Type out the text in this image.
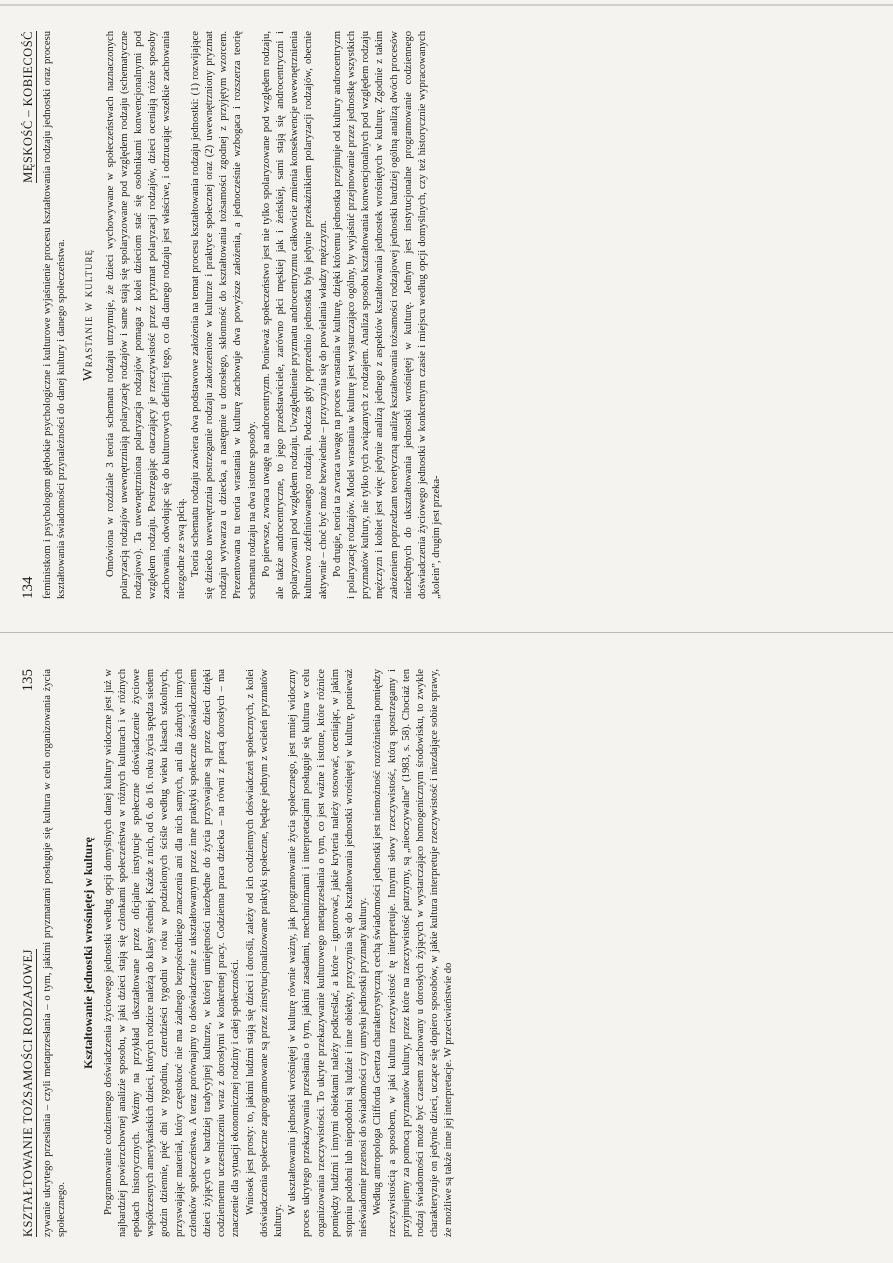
134
MĘSKOŚĆ – KOBIECOŚĆ feministkom i psychologom głębokie psychologiczne i kulturowe wyjaśnienie procesu kształtowania rodzaju jednostki oraz procesu kształtowania świadomości przynależności do danej kultury i danego społeczeństwa. Wrastanie w kulturę Omówiona w rozdziale 3 teoria schematu rodzaju utrzymuje, że dzieci wychowywane w społeczeństwach naznaczonych polaryzacją rodzajów uwewnętrzniają polaryzację rodzajów i same stają się spolaryzowane pod względem rodzaju (schematyczne rodzajowo). Ta uwewnętrzniona polaryzacja rodzajów pomaga z kolei dzieciom stać się osobnikami konwencjonalnymi pod względem rodzaju. Postrzegając otaczający je rzeczywistość przez pryzmat polaryzacji rodzajów, dzieci oceniają różne sposoby zachowania, odwołując się do kulturowych definicji tego, co dla danego rodzaju jest właściwe, i odrzucając wszelkie zachowania niezgodne ze swą płcią. Teoria schematu rodzaju zawiera dwa podstawowe założenia na temat procesu kształtowania rodzaju jednostki: (1) rozwijające się dziecko uwewnętrznia postrzeganie rodzaju zakorzenione w kulturze i praktyce społecznej oraz (2) uwewnętrzniony pryzmat rodzaju wytwarza u dziecka, a następnie u dorosłego, skłonność do kształtowania tożsamości zgodnej z przyjętym wzorcem. Prezentowana tu teoria wrastania w kulturę zachowuje dwa powyższe założenia, a jednocześnie wzbogaca i rozszerza teorię schematu rodzaju na dwa istotne sposoby. Po pierwsze, zwraca uwagę na androcentryzm. Ponieważ społeczeństwo jest nie tylko spolaryzowane pod względem rodzaju, ale także androcentryczne, to jego przedstawiciele, zarówno płci męskiej jak i żeńskiej, sami stają się androcentryczni i spolaryzowani pod względem rodzaju. Uwzględnienie pryzmatu androcentryzmu całkowicie zmienia konsekwencje uwewnętrznienia kulturowo zdefiniowanego rodzaju. Podczas gdy poprzednio jednostka była jedynie przekaźnikiem polaryzacji rodzajów, obecnie aktywnie – choć być może bezwiednie – przyczynia się do powielania władzy mężczyzn. Po drugie, teoria ta zwraca uwagę na proces wrastania w kulturę, dzięki któremu jednostka przejmuje od kultury androcentryzm i polaryzację rodzajów. Model wrastania w kulturę jest wystarczająco ogólny, by wyjaśnić przejmowanie przez jednostkę wszystkich pryzmatów kultury, nie tylko tych związanych z rodzajem. Analiza sposobu kształtowania konwencjonalnych pod względem rodzaju mężczyzn i kobiet jest więc jedynie analizą jednego z aspektów kształtowania jednostek wrośniętych w kulturę. Zgodnie z takim założeniem poprzedzam teoretyczną analizę kształtowania tożsamości rodzajowej jednostki bardziej ogólną analizą dwóch procesów niezbędnych do ukształtowania jednostki wrośniętej w kulturę. Jednym jest instytucjonalne programowanie codziennego doświadczenia życiowego jednostki w konkretnym czasie i miejscu według opcji domyślnych, czy też historycznie wypracowanych „kolein”, drugim jest przeka-

KSZTAŁTOWANIE TOŻSAMOŚCI RODZAJOWEJ
135 zywanie ukrytego przesłania – czyli metaprzesłania – o tym, jakimi pryzmatami posługuje się kultura w celu organizowania życia społecznego.

Kształtowanie jednostki wrośniętej w kulturę Programowanie codziennego doświadczenia życiowego jednostki według opcji domyślnych danej kultury widoczne jest już w najbardziej powierzchownej analizie sposobu, w jaki dzieci stają się członkami społeczeństwa w różnych kulturach i w różnych epokach historycznych. Weźmy na przykład ukształtowane przez oficjalne instytucje społeczne doświadczenie życiowe współczesnych amerykańskich dzieci, których rodzice należą do klasy średniej. Każde z nich, od 6. do 16. roku życia spędza siedem godzin dziennie, pięć dni w tygodniu, czterdzieści tygodni w roku w podzielonych ściśle według wieku klasach szkolnych, przyswajając materiał, który częstokroć nie ma żadnego bezpośredniego znaczenia ani dla nich samych, ani dla żadnych innych członków społeczeństwa. A teraz porównajmy to doświadczenie z ukształtowanym przez inne praktyki społeczne doświadczeniem dzieci żyjących w bardziej tradycyjnej kulturze, w której umiejętności niezbędne do życia przyswajane są przez dzieci dzięki codziennemu uczestniczeniu wraz z dorosłymi w konkretnej pracy. Codzienna praca dziecka – na równi z pracą dorosłych – ma znaczenie dla sytuacji ekonomicznej rodziny i całej społeczności. Wniosek jest prosty: to, jakimi ludźmi stają się dzieci i dorośli, zależy od ich codziennych doświadczeń społecznych, z kolei doświadczenia społeczne zaprogramowane są przez zinstytucjonalizowane praktyki społeczne, będące jednym z wcieleń pryzmatów kultury.

W ukształtowaniu jednostki wrośniętej w kulturę równie ważny, jak programowanie życia społecznego, jest mniej widoczny proces ukrytego przekazywania przesłania o tym, jakimi zasadami, mechanizmami i interpretacjami posługuje się kultura w celu organizowania rzeczywistości. To ukryte przekazywanie kulturowego metaprzesłania o tym, co jest ważne i istotne, które różnice pomiędzy ludźmi i innymi obiektami należy podkreślać, a które – ignorować, jakie kryteria należy stosować, oceniając, w jakim stopniu podobni lub niepodobni są ludzie i inne obiekty, przyczynia się do kształtowania jednostki wrośniętej w kulturę, ponieważ nieświadomie przenosi do świadomości czy umysłu jednostki pryzmaty kultury. Według antropologa Clifforda Geertza charakterystyczną cechą świadomości jednostki jest niemożność rozróżnienia pomiędzy rzeczywistością a sposobem, w jaki kultura rzeczywistość tę interpretuje. Innymi słowy rzeczywistość, którą spostrzegamy i przyjmujemy za pomocą pryzmatów kultury, przez które na rzeczywistość patrzymy, są „nieoczywalne” (1983, s. 58). Chociaż ten rodzaj świadomości może być czasem zachowany u dorosłych żyjących w wystarczająco homogenicznym środowisku, to zwykle charakteryzuje on jedynie dzieci, uczące się dopiero sposobów, w jakie kultura interpretuje rzeczywistość i niezdające sobie sprawy, że możliwe są także inne jej interpretacje. W przeciwieństwie do
